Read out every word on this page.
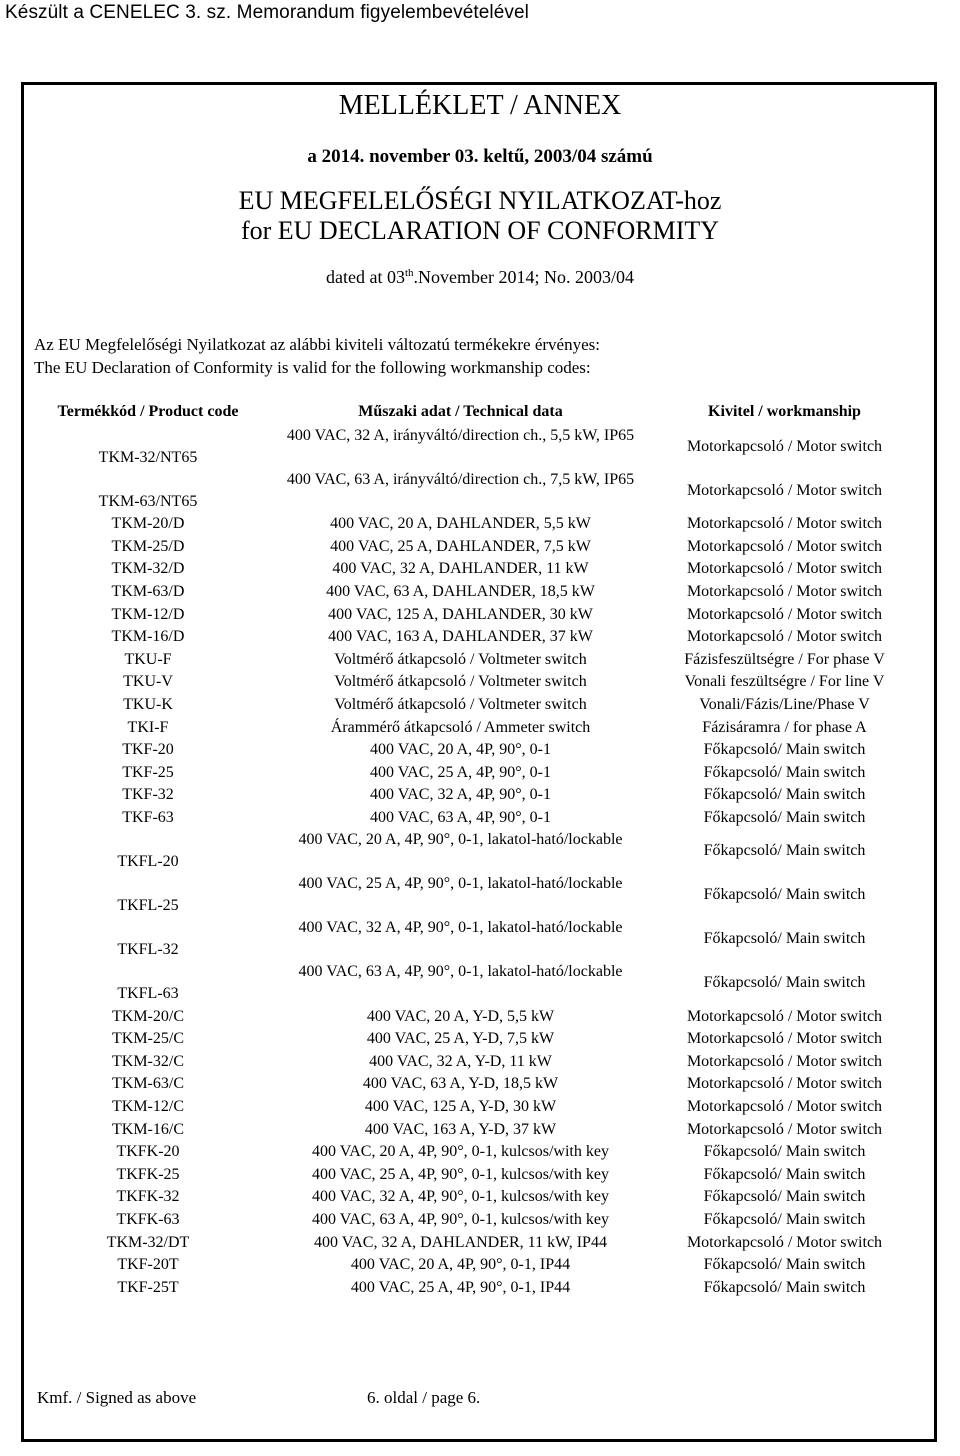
Készült a CENELEC 3. sz. Memorandum figyelembevételével
MELLÉKLET / ANNEX
a 2014. november 03. keltű, 2003/04 számú
EU MEGFELELŐSÉGI NYILATKOZAT-hoz
for EU DECLARATION OF CONFORMITY
dated at 03th.November 2014; No. 2003/04
Az EU Megfelelőségi Nyilatkozat az alábbi kiviteli változatú termékekre érvényes:
The EU Declaration of Conformity is valid for the following workmanship codes:
Termékkód / Product code	Műszaki adat / Technical data	Kivitel / workmanship
TKM-32/NT65	400 VAC, 32 A, irányváltó/direction ch., 5,5 kW, IP65	Motorkapcsoló / Motor switch
TKM-63/NT65	400 VAC, 63 A, irányváltó/direction ch., 7,5 kW, IP65	Motorkapcsoló / Motor switch
TKM-20/D	400 VAC, 20 A, DAHLANDER, 5,5 kW	Motorkapcsoló / Motor switch
TKM-25/D	400 VAC, 25 A, DAHLANDER, 7,5 kW	Motorkapcsoló / Motor switch
TKM-32/D	400 VAC, 32 A, DAHLANDER, 11 kW	Motorkapcsoló / Motor switch
TKM-63/D	400 VAC, 63 A, DAHLANDER, 18,5 kW	Motorkapcsoló / Motor switch
TKM-12/D	400 VAC, 125 A, DAHLANDER, 30 kW	Motorkapcsoló / Motor switch
TKM-16/D	400 VAC, 163 A, DAHLANDER, 37 kW	Motorkapcsoló / Motor switch
TKU-F	Voltmérő átkapcsoló / Voltmeter switch	Fázisfeszültségre / For phase V
TKU-V	Voltmérő átkapcsoló / Voltmeter switch	Vonali feszültségre / For line V
TKU-K	Voltmérő átkapcsoló / Voltmeter switch	Vonali/Fázis/Line/Phase V
TKI-F	Árammérő átkapcsoló / Ammeter switch	Fázisáramra / for phase A
TKF-20	400 VAC, 20 A, 4P, 90°, 0-1	Főkapcsoló/ Main switch
TKF-25	400 VAC, 25 A, 4P, 90°, 0-1	Főkapcsoló/ Main switch
TKF-32	400 VAC, 32 A, 4P, 90°, 0-1	Főkapcsoló/ Main switch
TKF-63	400 VAC, 63 A, 4P, 90°, 0-1	Főkapcsoló/ Main switch
TKFL-20	400 VAC, 20 A, 4P, 90°, 0-1, lakatol-ható/lockable	Főkapcsoló/ Main switch
TKFL-25	400 VAC, 25 A, 4P, 90°, 0-1, lakatol-ható/lockable	Főkapcsoló/ Main switch
TKFL-32	400 VAC, 32 A, 4P, 90°, 0-1, lakatol-ható/lockable	Főkapcsoló/ Main switch
TKFL-63	400 VAC, 63 A, 4P, 90°, 0-1, lakatol-ható/lockable	Főkapcsoló/ Main switch
TKM-20/C	400 VAC, 20 A, Y-D, 5,5 kW	Motorkapcsoló / Motor switch
TKM-25/C	400 VAC, 25 A, Y-D, 7,5 kW	Motorkapcsoló / Motor switch
TKM-32/C	400 VAC, 32 A, Y-D, 11 kW	Motorkapcsoló / Motor switch
TKM-63/C	400 VAC, 63 A, Y-D, 18,5 kW	Motorkapcsoló / Motor switch
TKM-12/C	400 VAC, 125 A, Y-D, 30 kW	Motorkapcsoló / Motor switch
TKM-16/C	400 VAC, 163 A, Y-D, 37 kW	Motorkapcsoló / Motor switch
TKFK-20	400 VAC, 20 A, 4P, 90°, 0-1, kulcsos/with key	Főkapcsoló/ Main switch
TKFK-25	400 VAC, 25 A, 4P, 90°, 0-1, kulcsos/with key	Főkapcsoló/ Main switch
TKFK-32	400 VAC, 32 A, 4P, 90°, 0-1, kulcsos/with key	Főkapcsoló/ Main switch
TKFK-63	400 VAC, 63 A, 4P, 90°, 0-1, kulcsos/with key	Főkapcsoló/ Main switch
TKM-32/DT	400 VAC, 32 A, DAHLANDER, 11 kW, IP44	Motorkapcsoló / Motor switch
TKF-20T	400 VAC, 20 A, 4P, 90°, 0-1, IP44	Főkapcsoló/ Main switch
TKF-25T	400 VAC, 25 A, 4P, 90°, 0-1, IP44	Főkapcsoló/ Main switch
Kmf. / Signed as above	6. oldal / page 6.
